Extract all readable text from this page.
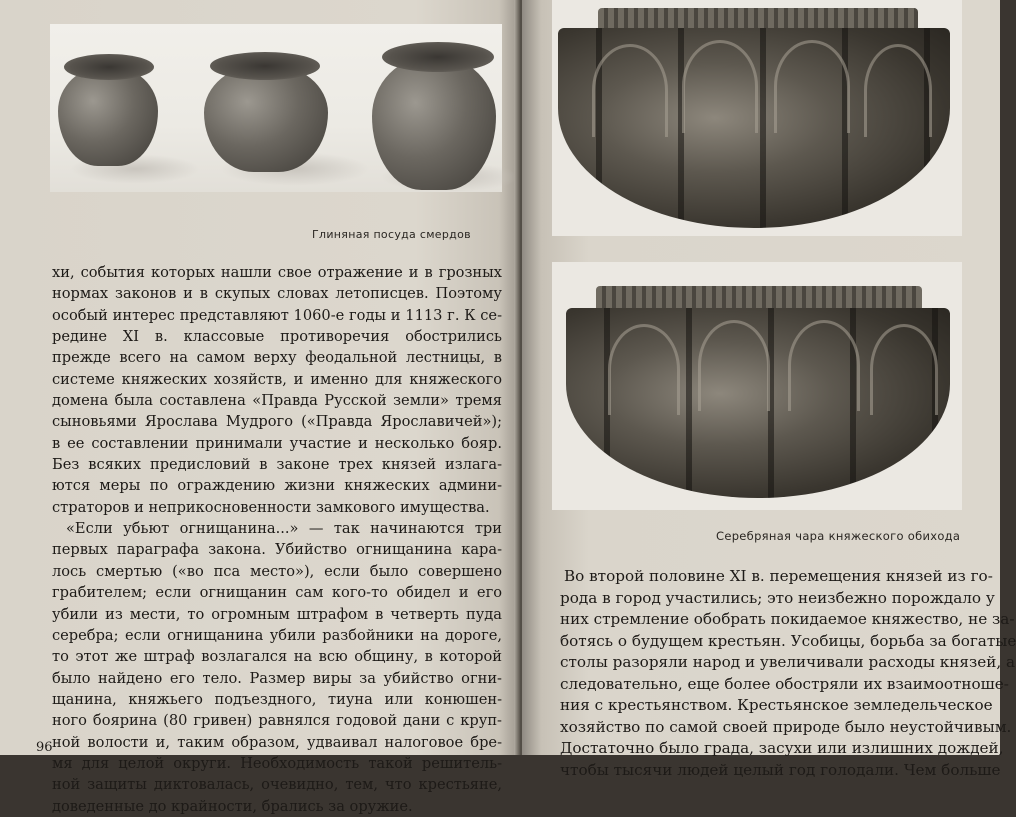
Глиняная посуда смердов
хи, события которых нашли свое отражение и в грозных
нормах законов и в скупых словах летописцев. Поэтому
особый интерес представляют 1060-е годы и 1113 г. К се-
редине XI в. классовые противоречия обострились
прежде всего на самом верху феодальной лестницы, в
системе княжеских хозяйств, и именно для княжеского
домена была составлена «Правда Русской земли» тремя
сыновьями Ярослава Мудрого («Правда Ярославичей»);
в ее составлении принимали участие и несколько бояр.
Без всяких предисловий в законе трех князей излага-
ются меры по ограждению жизни княжеских админи-
страторов и неприкосновенности замкового имущества.
«Если убьют огнищанина...» — так начинаются три
первых параграфа закона. Убийство огнищанина кара-
лось смертью («во пса место»), если было совершено
грабителем; если огнищанин сам кого-то обидел и его
убили из мести, то огромным штрафом в четверть пуда
серебра; если огнищанина убили разбойники на дороге,
то этот же штраф возлагался на всю общину, в которой
было найдено его тело. Размер виры за убийство огни-
щанина, княжьего подъездного, тиуна или конюшен-
ного боярина (80 гривен) равнялся годовой дани с круп-
ной волости и, таким образом, удваивал налоговое бре-
мя для целой округи. Необходимость такой решитель-
ной защиты диктовалась, очевидно, тем, что крестьяне,
доведенные до крайности, брались за оружие.
96
Серебряная чара княжеского обихода
Во второй половине XI в. перемещения князей из го-
рода в город участились; это неизбежно порождало у
них стремление обобрать покидаемое княжество, не за-
ботясь о будущем крестьян. Усобицы, борьба за богатые
столы разоряли народ и увеличивали расходы князей, а
следовательно, еще более обостряли их взаимоотноше-
ния с крестьянством. Крестьянское земледельческое
хозяйство по самой своей природе было неустойчивым.
Достаточно было града, засухи или излишних дождей,
чтобы тысячи людей целый год голодали. Чем больше
